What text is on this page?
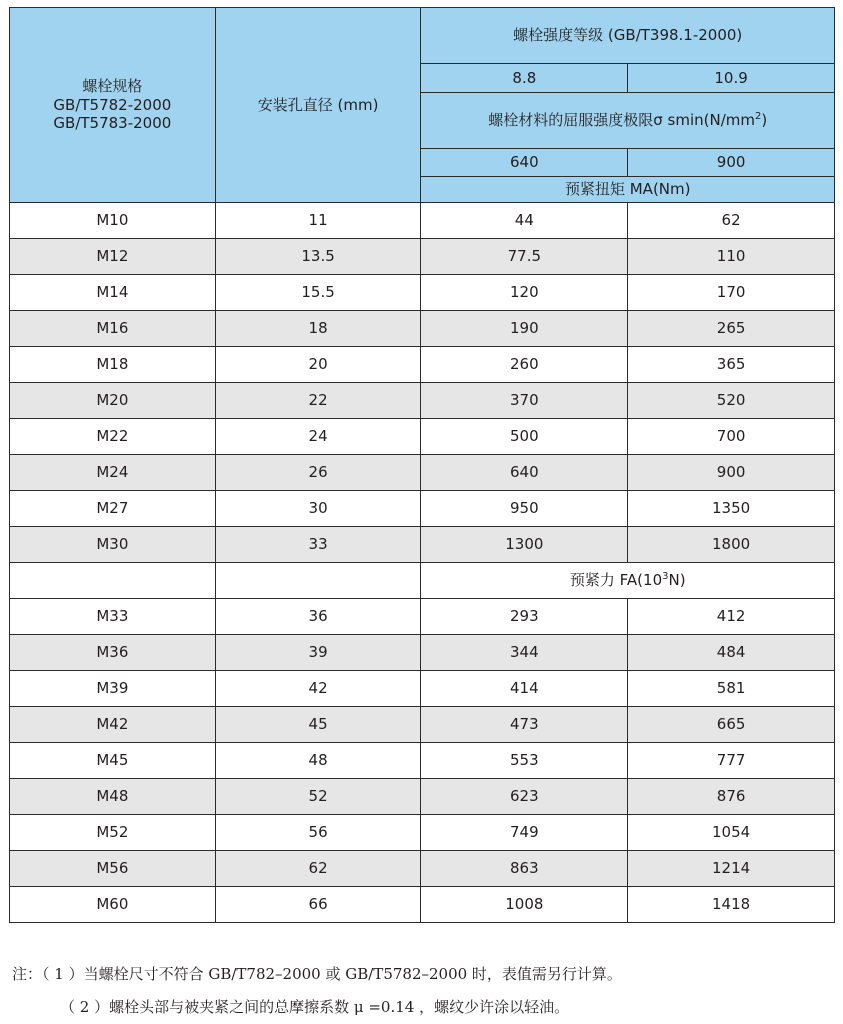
螺栓规格
GB/T5782-2000
GB/T5783-2000	安装孔直径 (mm)	螺栓强度等级 (GB/T398.1-2000)	
		8.8	10.9
		螺栓材料的屈服强度极限σ $smin(N/mm^2)$	
		640	900
		预紧扭矩 MA(Nm)	
M10	11	44	62
M12	13.5	77.5	110
M14	15.5	120	170
M16	18	190	265
M18	20	260	365
M20	22	370	520
M22	24	500	700
M24	26	640	900
M27	30	950	1350
M30	33	1300	1800
		预紧力 $FA(10^3N)$	
M33	36	293	412
M36	39	344	484
M39	42	414	581
M42	45	473	665
M45	48	553	777
M48	52	623	876
M52	56	749	1054
M56	62	863	1214
M60	66	1008	1418
注：（ 1 ）当螺栓尺寸不符合 GB/T782–2000 或 GB/T5782–2000 时，表值需另行计算。
（ 2 ）螺栓头部与被夹紧之间的总摩擦系数 μ =0.14 ，螺纹少许涂以轻油。
